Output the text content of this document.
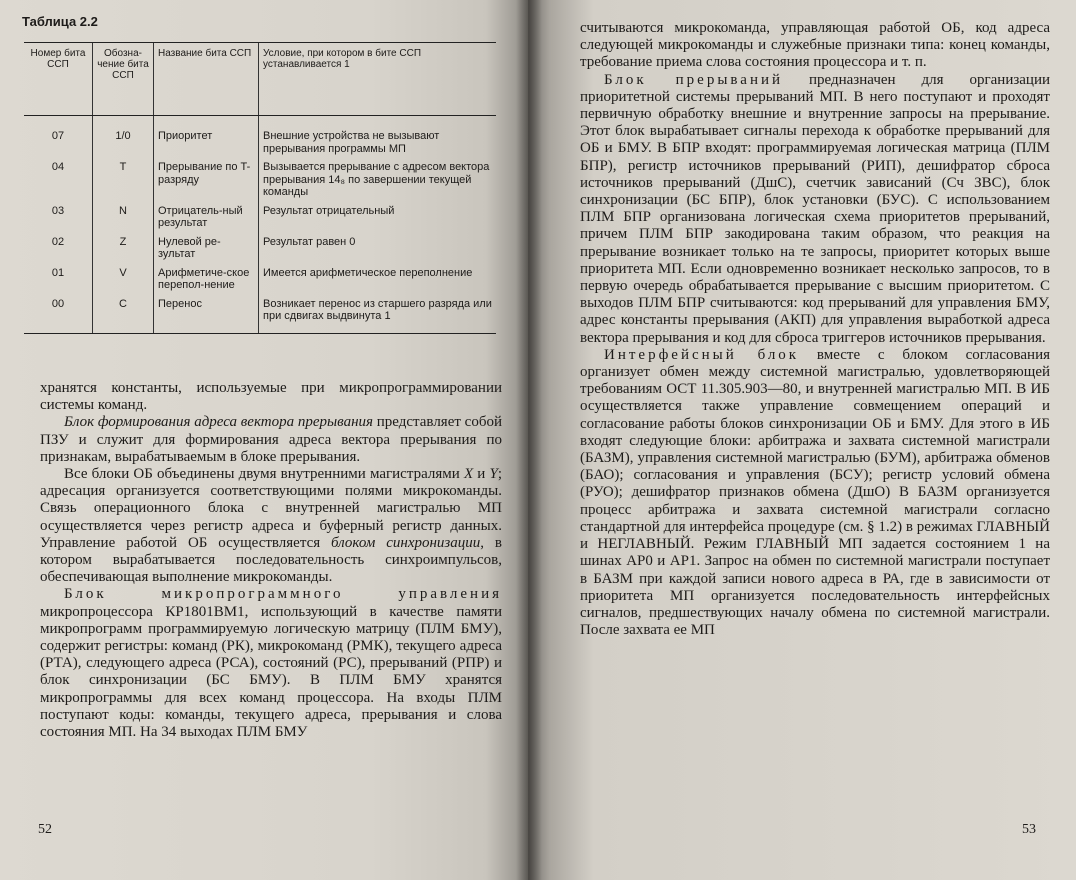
Таблица 2.2
Номер бита ССП	Обозна-чение бита ССП	Название бита ССП	Условие, при котором в бите ССП устанавливается 1
07	1/0	Приоритет	Внешние устройства не вызывают прерывания программы МП
04	T	Прерывание по T-разряду	Вызывается прерывание с адресом вектора прерывания 14₈ по завершении текущей команды
03	N	Отрицатель-ный результат	Результат отрицательный
02	Z	Нулевой ре-зультат	Результат равен 0
01	V	Арифметиче-ское перепол-нение	Имеется арифметическое переполнение
00	C	Перенос	Возникает перенос из старшего разряда или при сдвигах выдвинута 1

хранятся константы, используемые при микропрограммировании системы команд.

Блок формирования адреса вектора прерывания представляет собой ПЗУ и служит для формирования адреса вектора прерывания по признакам, вырабатываемым в блоке прерывания.

Все блоки ОБ объединены двумя внутренними магистралями X и Y; адресация организуется соответствующими полями микрокоманды. Связь операционного блока с внутренней магистралью МП осуществляется через регистр адреса и буферный регистр данных. Управление работой ОБ осуществляется блоком синхронизации, в котором вырабатывается последовательность синхроимпульсов, обеспечивающая выполнение микрокоманды.

Блок микропрограммного управления микропроцессора КР1801ВМ1, использующий в качестве памяти микропрограмм программируемую логическую матрицу (ПЛМ БМУ), содержит регистры: команд (РК), микрокоманд (РМК), текущего адреса (РТА), следующего адреса (РСА), состояний (РС), прерываний (РПР) и блок синхронизации (БС БМУ). В ПЛМ БМУ хранятся микропрограммы для всех команд процессора. На входы ПЛМ поступают коды: команды, текущего адреса, прерывания и слова состояния МП. На 34 выходах ПЛМ БМУ

52

считываются микрокоманда, управляющая работой ОБ, код адреса следующей микрокоманды и служебные признаки типа: конец команды, требование приема слова состояния процессора и т. п.

Блок прерываний предназначен для организации приоритетной системы прерываний МП. В него поступают и проходят первичную обработку внешние и внутренние запросы на прерывание. Этот блок вырабатывает сигналы перехода к обработке прерываний для ОБ и БМУ. В БПР входят: программируемая логическая матрица (ПЛМ БПР), регистр источников прерываний (РИП), дешифратор сброса источников прерываний (ДшС), счетчик зависаний (Сч ЗВС), блок синхронизации (БС БПР), блок установки (БУС). С использованием ПЛМ БПР организована логическая схема приоритетов прерываний, причем ПЛМ БПР закодирована таким образом, что реакция на прерывание возникает только на те запросы, приоритет которых выше приоритета МП. Если одновременно возникает несколько запросов, то в первую очередь обрабатывается прерывание с высшим приоритетом. С выходов ПЛМ БПР считываются: код прерываний для управления БМУ, адрес константы прерывания (АКП) для управления выработкой адреса вектора прерывания и код для сброса триггеров источников прерывания.

Интерфейсный блок вместе с блоком согласования организует обмен между системной магистралью, удовлетворяющей требованиям ОСТ 11.305.903—80, и внутренней магистралью МП. В ИБ осуществляется также управление совмещением операций и согласование работы блоков синхронизации ОБ и БМУ. Для этого в ИБ входят следующие блоки: арбитража и захвата системной магистрали (БАЗМ), управления системной магистралью (БУМ), арбитража обменов (БАО); согласования и управления (БСУ); регистр условий обмена (РУО); дешифратор признаков обмена (ДшО) В БАЗМ организуется процесс арбитража и захвата системной магистрали согласно стандартной для интерфейса процедуре (см. § 1.2) в режимах ГЛАВНЫЙ и НЕГЛАВНЫЙ. Режим ГЛАВНЫЙ МП задается состоянием 1 на шинах АР0 и АР1. Запрос на обмен по системной магистрали поступает в БАЗМ при каждой записи нового адреса в РА, где в зависимости от приоритета МП организуется последовательность интерфейсных сигналов, предшествующих началу обмена по системной магистрали. После захвата ее МП

53
